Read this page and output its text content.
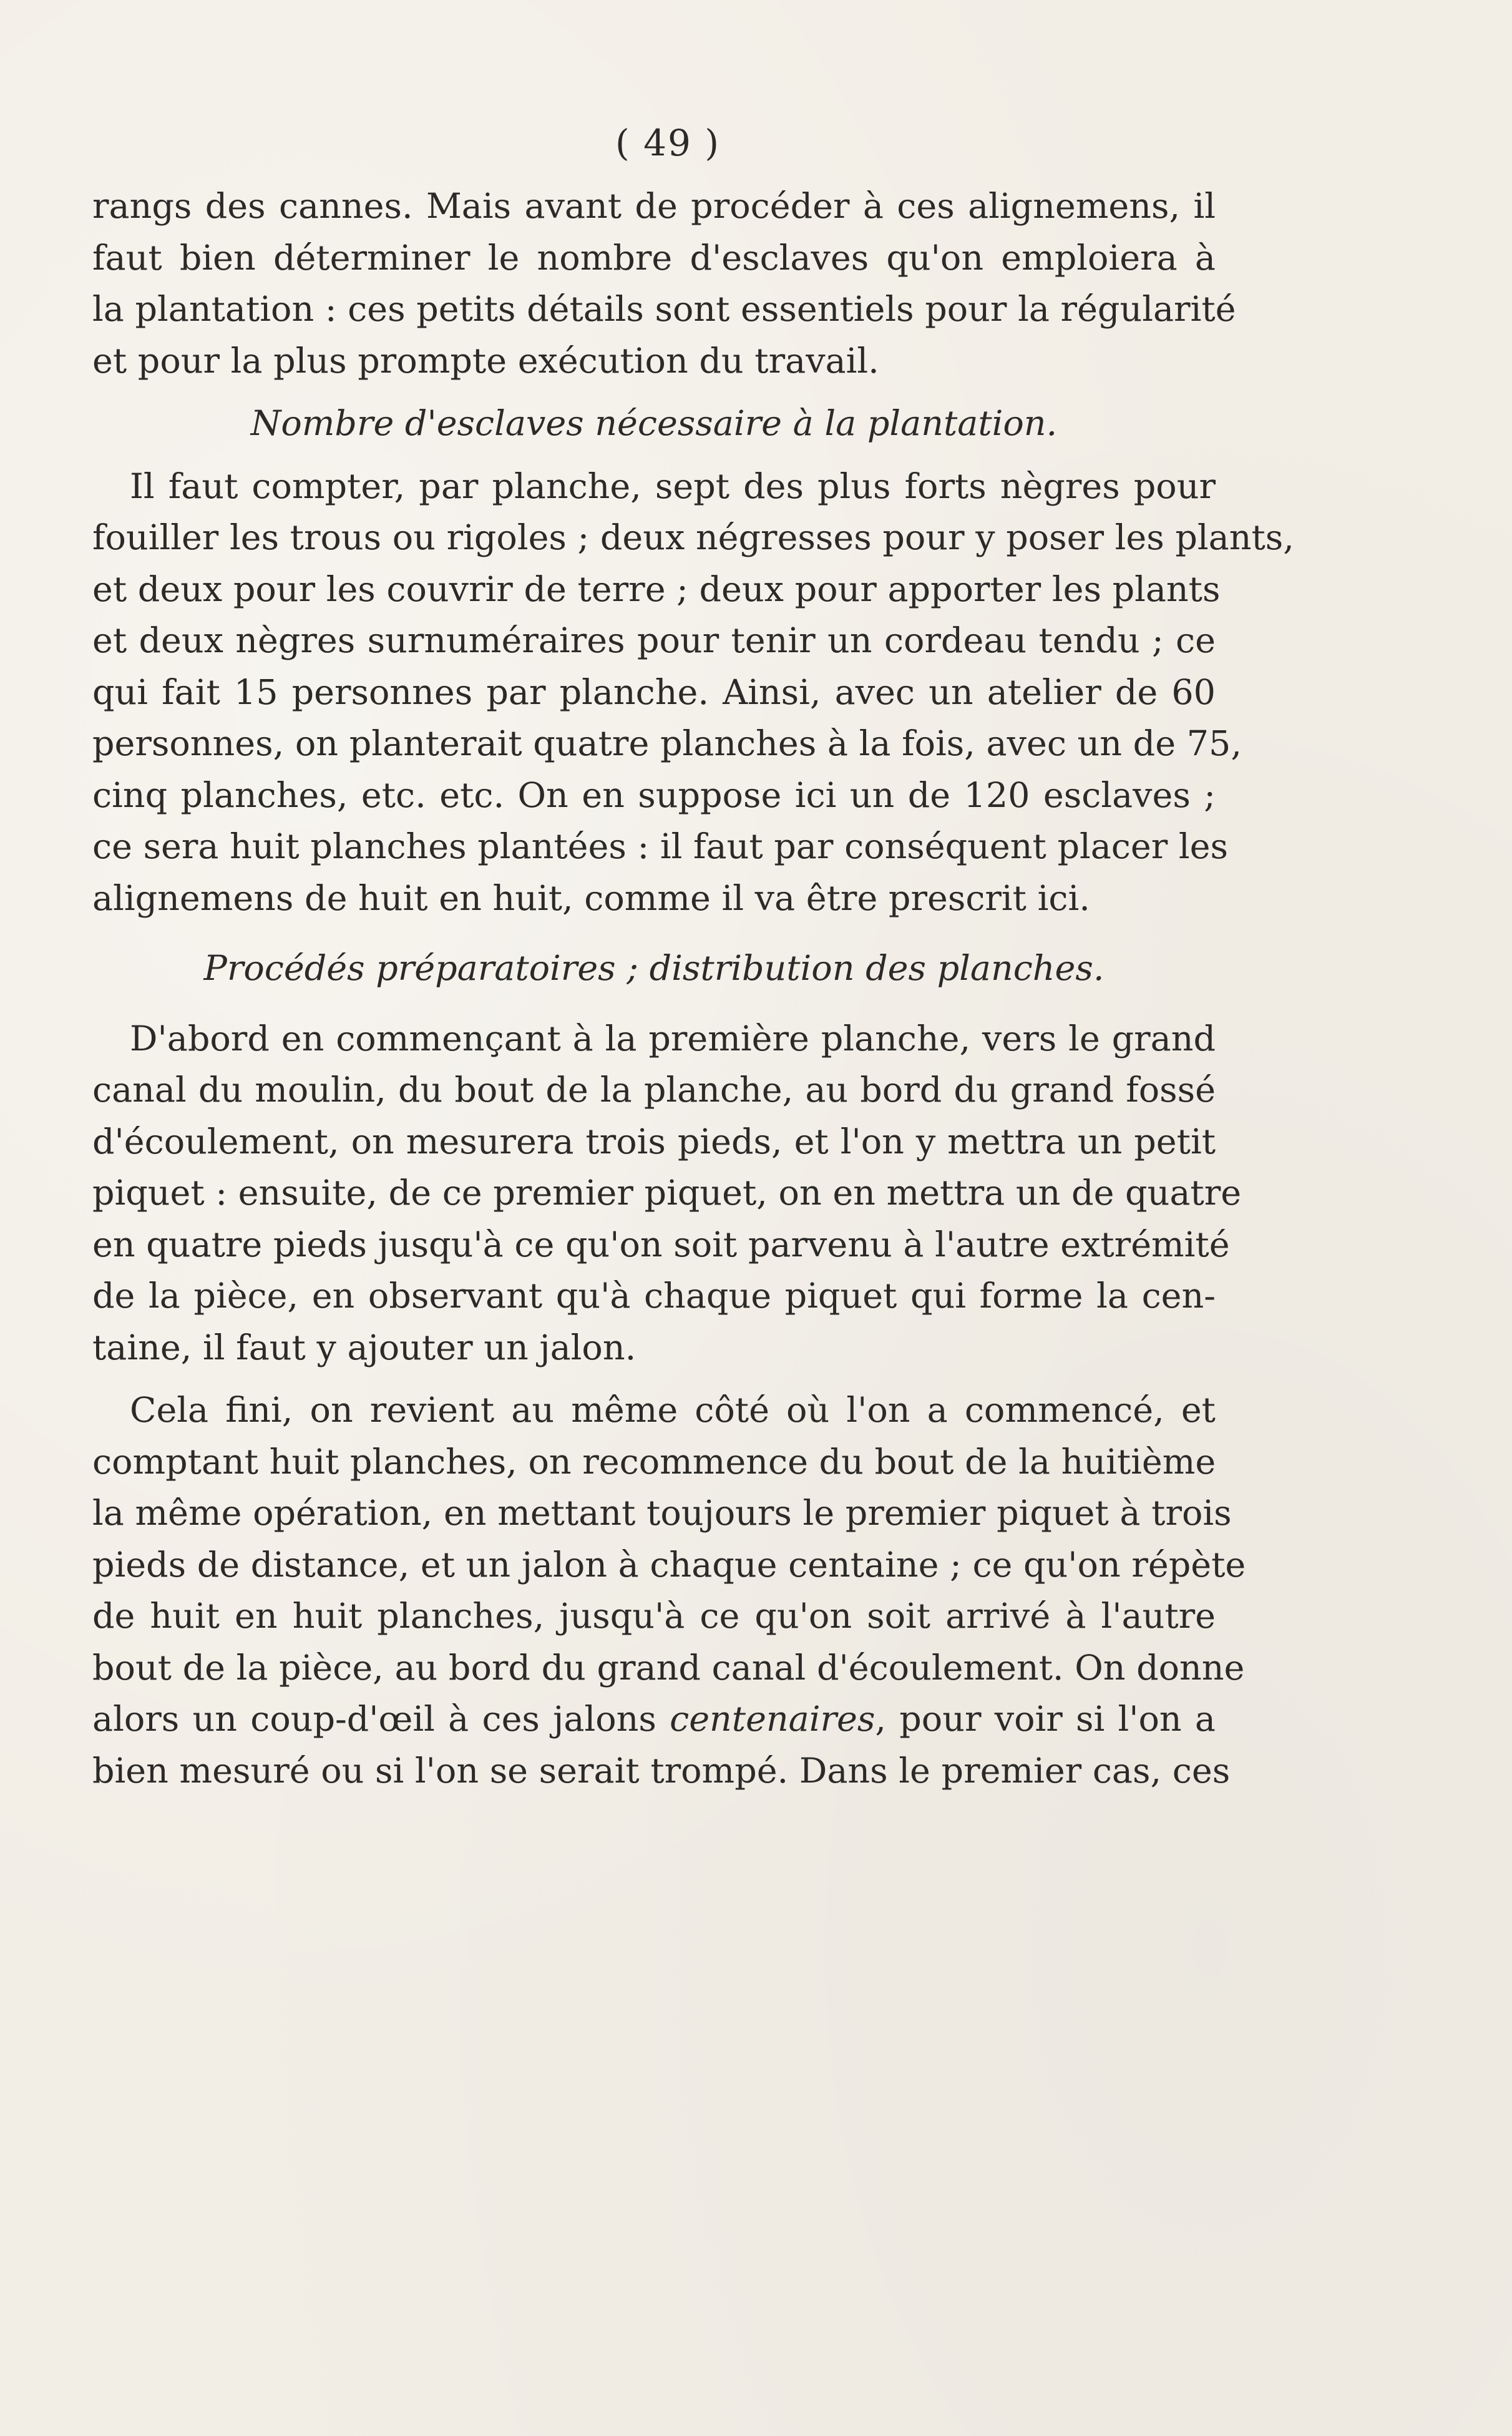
( 49 )
rangs des cannes. Mais avant de procéder à ces alignemens, il
faut bien déterminer le nombre d'esclaves qu'on emploiera à
la plantation : ces petits détails sont essentiels pour la régularité
et pour la plus prompte exécution du travail.
Nombre d'esclaves nécessaire à la plantation.
Il faut compter, par planche, sept des plus forts nègres pour
fouiller les trous ou rigoles ; deux négresses pour y poser les plants,
et deux pour les couvrir de terre ; deux pour apporter les plants
et deux nègres surnuméraires pour tenir un cordeau tendu ; ce
qui fait 15 personnes par planche. Ainsi, avec un atelier de 60
personnes, on planterait quatre planches à la fois, avec un de 75,
cinq planches, etc. etc. On en suppose ici un de 120 esclaves ;
ce sera huit planches plantées : il faut par conséquent placer les
alignemens de huit en huit, comme il va être prescrit ici.
Procédés préparatoires ; distribution des planches.
D'abord en commençant à la première planche, vers le grand
canal du moulin, du bout de la planche, au bord du grand fossé
d'écoulement, on mesurera trois pieds, et l'on y mettra un petit
piquet : ensuite, de ce premier piquet, on en mettra un de quatre
en quatre pieds jusqu'à ce qu'on soit parvenu à l'autre extrémité
de la pièce, en observant qu'à chaque piquet qui forme la cen-
taine, il faut y ajouter un jalon.
Cela fini, on revient au même côté où l'on a commencé, et
comptant huit planches, on recommence du bout de la huitième
la même opération, en mettant toujours le premier piquet à trois
pieds de distance, et un jalon à chaque centaine ; ce qu'on répète
de huit en huit planches, jusqu'à ce qu'on soit arrivé à l'autre
bout de la pièce, au bord du grand canal d'écoulement. On donne
alors un coup-d'œil à ces jalons centenaires, pour voir si l'on a
bien mesuré ou si l'on se serait trompé. Dans le premier cas, ces
